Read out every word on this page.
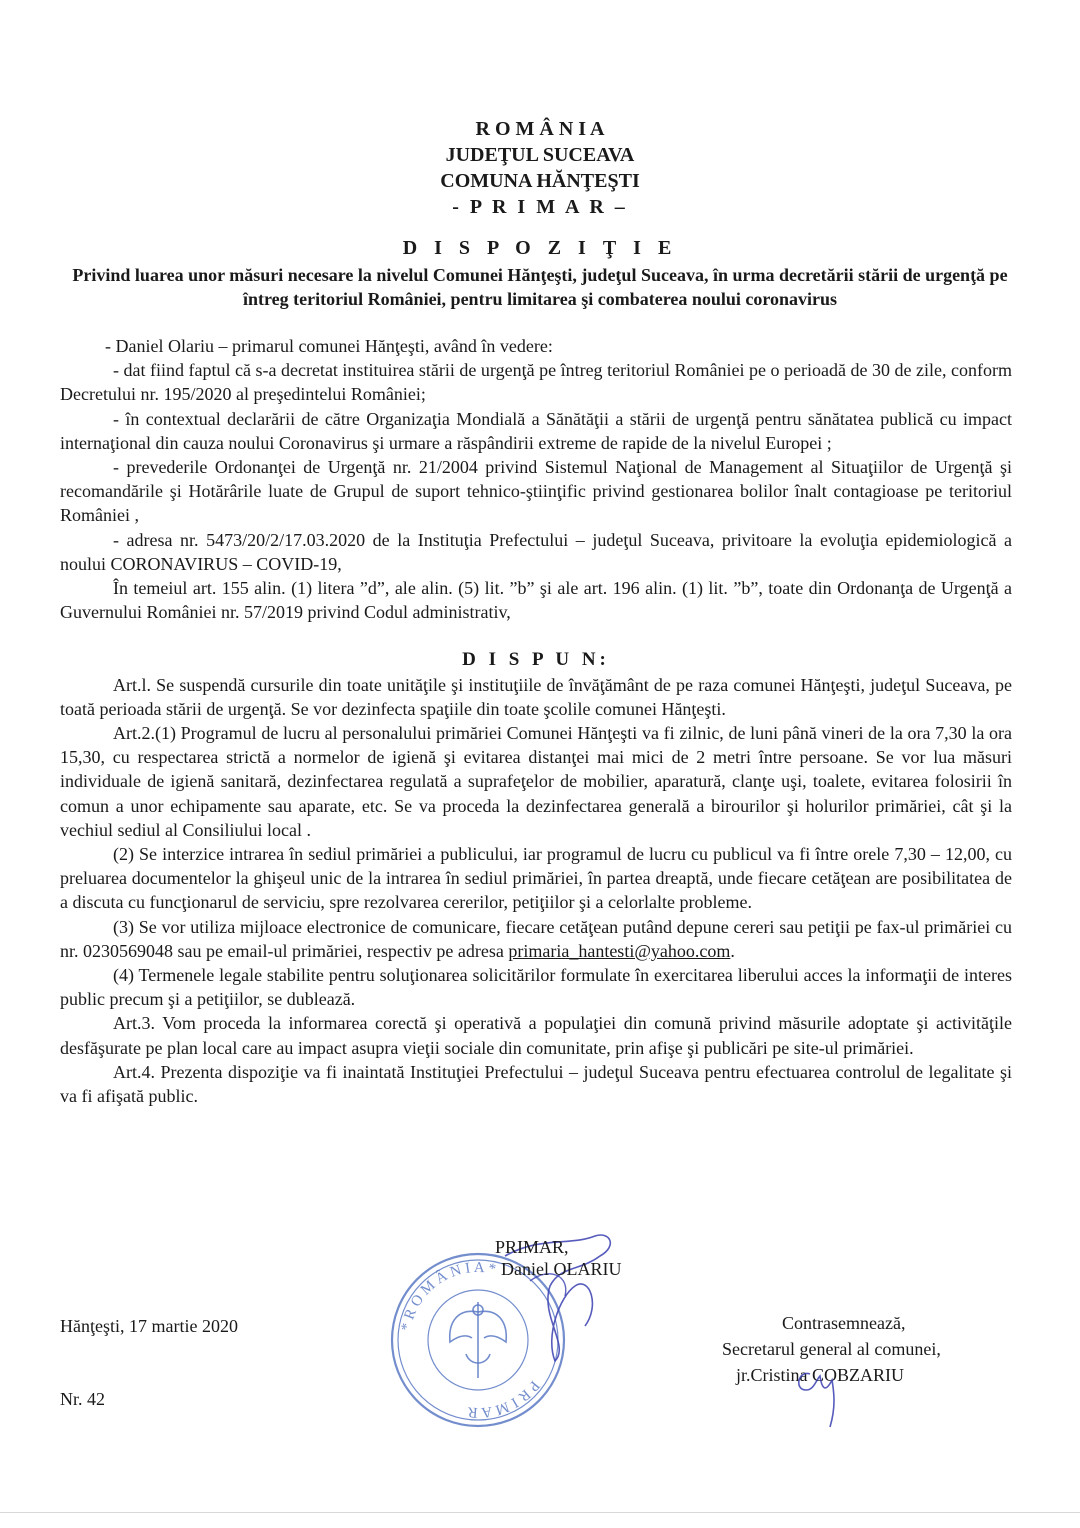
R O M Â N I A
JUDEŢUL SUCEAVA
COMUNA HĂNŢEŞTI
- P R I M A R –
D I S P O Z I Ţ I E
Privind luarea unor măsuri necesare la nivelul Comunei Hănţeşti, judeţul Suceava, în urma decretării stării de urgenţă pe întreg teritoriul României, pentru limitarea şi combaterea noului coronavirus

- Daniel Olariu – primarul comunei Hănţeşti, având în vedere:

- dat fiind faptul că s-a decretat instituirea stării de urgenţă pe întreg teritoriul României pe o perioadă de 30 de zile, conform Decretului nr. 195/2020 al preşedintelui României;

- în contextual declarării de către Organizaţia Mondială a Sănătăţii a stării de urgenţă pentru sănătatea publică cu impact internaţional din cauza noului Coronavirus şi urmare a răspândirii extreme de rapide de la nivelul Europei ;

- prevederile Ordonanţei de Urgenţă nr. 21/2004 privind Sistemul Naţional de Management al Situaţiilor de Urgenţă şi recomandările şi Hotărârile luate de Grupul de suport tehnico-ştiinţific privind gestionarea bolilor înalt contagioase pe teritoriul României ,

- adresa nr. 5473/20/2/17.03.2020 de la Instituţia Prefectului – judeţul Suceava, privitoare la evoluţia epidemiologică a noului CORONAVIRUS – COVID-19,

În temeiul art. 155 alin. (1) litera ”d”, ale alin. (5) lit. ”b” şi ale art. 196 alin. (1) lit. ”b”, toate din Ordonanţa de Urgenţă a Guvernului României nr. 57/2019 privind Codul administrativ,

D I S P U N:

Art.l. Se suspendă cursurile din toate unităţile şi instituţiile de învăţământ de pe raza comunei Hănţeşti, judeţul Suceava, pe toată perioada stării de urgenţă. Se vor dezinfecta spaţiile din toate şcolile comunei Hănţeşti.

Art.2.(1) Programul de lucru al personalului primăriei Comunei Hănţeşti va fi zilnic, de luni până vineri de la ora 7,30 la ora 15,30, cu respectarea strictă a normelor de igienă şi evitarea distanţei mai mici de 2 metri între persoane. Se vor lua măsuri individuale de igienă sanitară, dezinfectarea regulată a suprafeţelor de mobilier, aparatură, clanţe uşi, toalete, evitarea folosirii în comun a unor echipamente sau aparate, etc. Se va proceda la dezinfectarea generală a birourilor şi holurilor primăriei, cât şi la vechiul sediul al Consiliului local .

(2) Se interzice intrarea în sediul primăriei a publicului, iar programul de lucru cu publicul va fi între orele 7,30 – 12,00, cu preluarea documentelor la ghişeul unic de la intrarea în sediul primăriei, în partea dreaptă, unde fiecare cetăţean are posibilitatea de a discuta cu funcţionarul de serviciu, spre rezolvarea cererilor, petiţiilor şi a celorlalte probleme.

(3) Se vor utiliza mijloace electronice de comunicare, fiecare cetăţean putând depune cereri sau petiţii pe fax-ul primăriei cu nr. 0230569048 sau pe email-ul primăriei, respectiv pe adresa primaria_hantesti@yahoo.com.

(4) Termenele legale stabilite pentru soluţionarea solicitărilor formulate în exercitarea liberului acces la informaţii de interes public precum şi a petiţiilor, se dublează.

Art.3. Vom proceda la informarea corectă şi operativă a populaţiei din comună privind măsurile adoptate şi activităţile desfăşurate pe plan local care au impact asupra vieţii sociale din comunitate, prin afişe şi publicări pe site-ul primăriei.

Art.4. Prezenta dispoziţie va fi inaintată Instituţiei Prefectului – judeţul Suceava pentru efectuarea controlul de legalitate şi va fi afişată public.

* R O M Â N I A *
P R I M A R
PRIMAR,
Daniel OLARIU
Hănţeşti, 17 martie 2020
Nr. 42
Contrasemnează,
Secretarul general al comunei,
jr.Cristina COBZARIU
